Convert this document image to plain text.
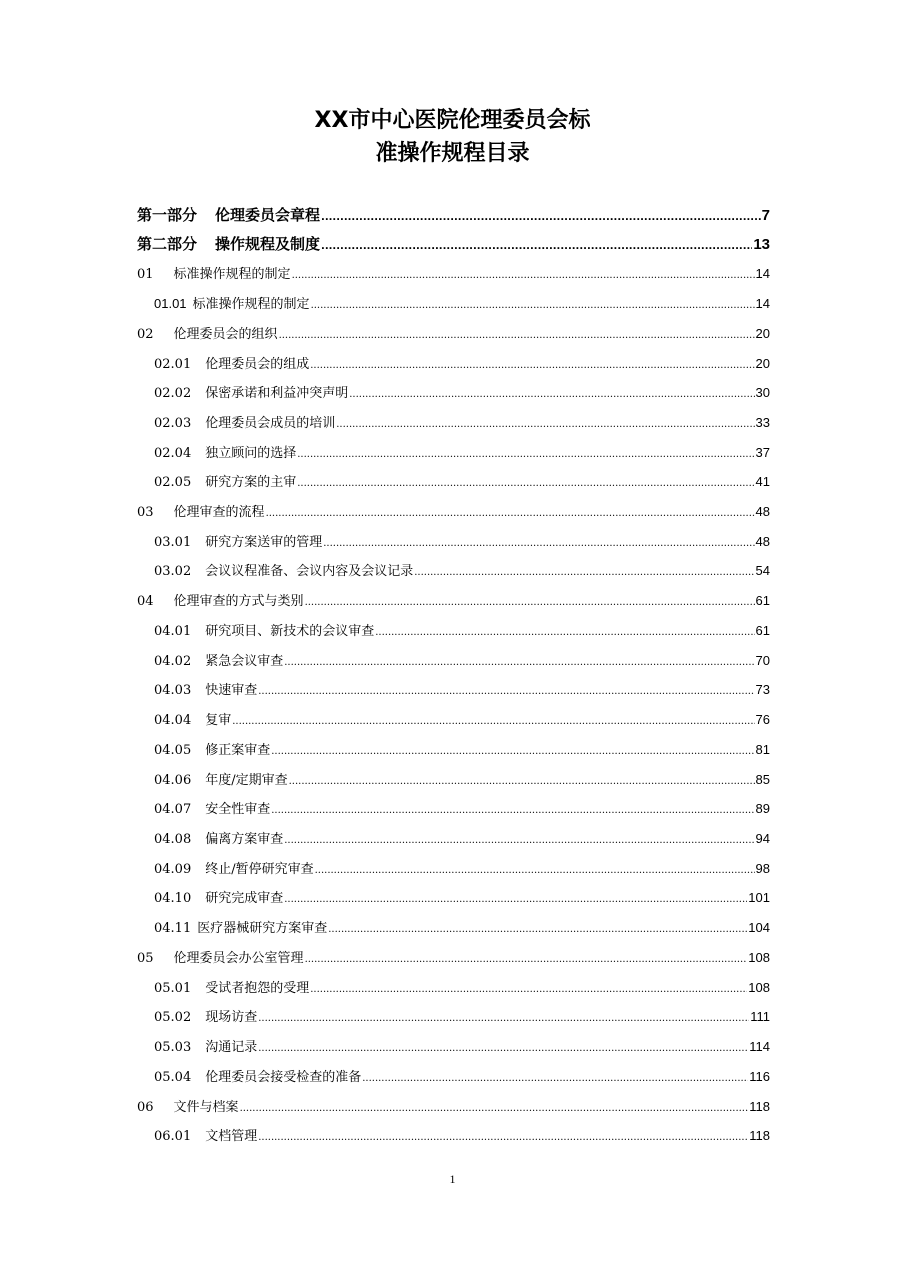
XX市中心医院伦理委员会标
准操作规程目录
第一部分 伦理委员会章程 .....	7
第二部分 操作规程及制度 .....	13
01 标准操作规程的制定 .....	14
01.01 标准操作规程的制定 .....	14
02 伦理委员会的组织 .....	20
02.01 伦理委员会的组成 .....	20
02.02 保密承诺和利益冲突声明 .....	30
02.03 伦理委员会成员的培训 .....	33
02.04 独立顾问的选择 .....	37
02.05 研究方案的主审 .....	41
03 伦理审查的流程 .....	48
03.01 研究方案送审的管理 .....	48
03.02 会议议程准备、会议内容及会议记录 .....	54
04 伦理审查的方式与类别 .....	61
04.01 研究项目、新技术的会议审查 .....	61
04.02 紧急会议审查 .....	70
04.03 快速审查 .....	73
04.04 复审 .....	76
04.05 修正案审查 .....	81
04.06 年度/定期审查 .....	85
04.07 安全性审查 .....	89
04.08 偏离方案审查 .....	94
04.09 终止/暂停研究审查 .....	98
04.10 研究完成审查 .....	101
04.11 医疗器械研究方案审查 .....	104
05 伦理委员会办公室管理 .....	108
05.01 受试者抱怨的受理 .....	108
05.02 现场访查 .....	111
05.03 沟通记录 .....	114
05.04 伦理委员会接受检查的准备 .....	116
06 文件与档案 .....	118
06.01 文档管理 .....	118
1
